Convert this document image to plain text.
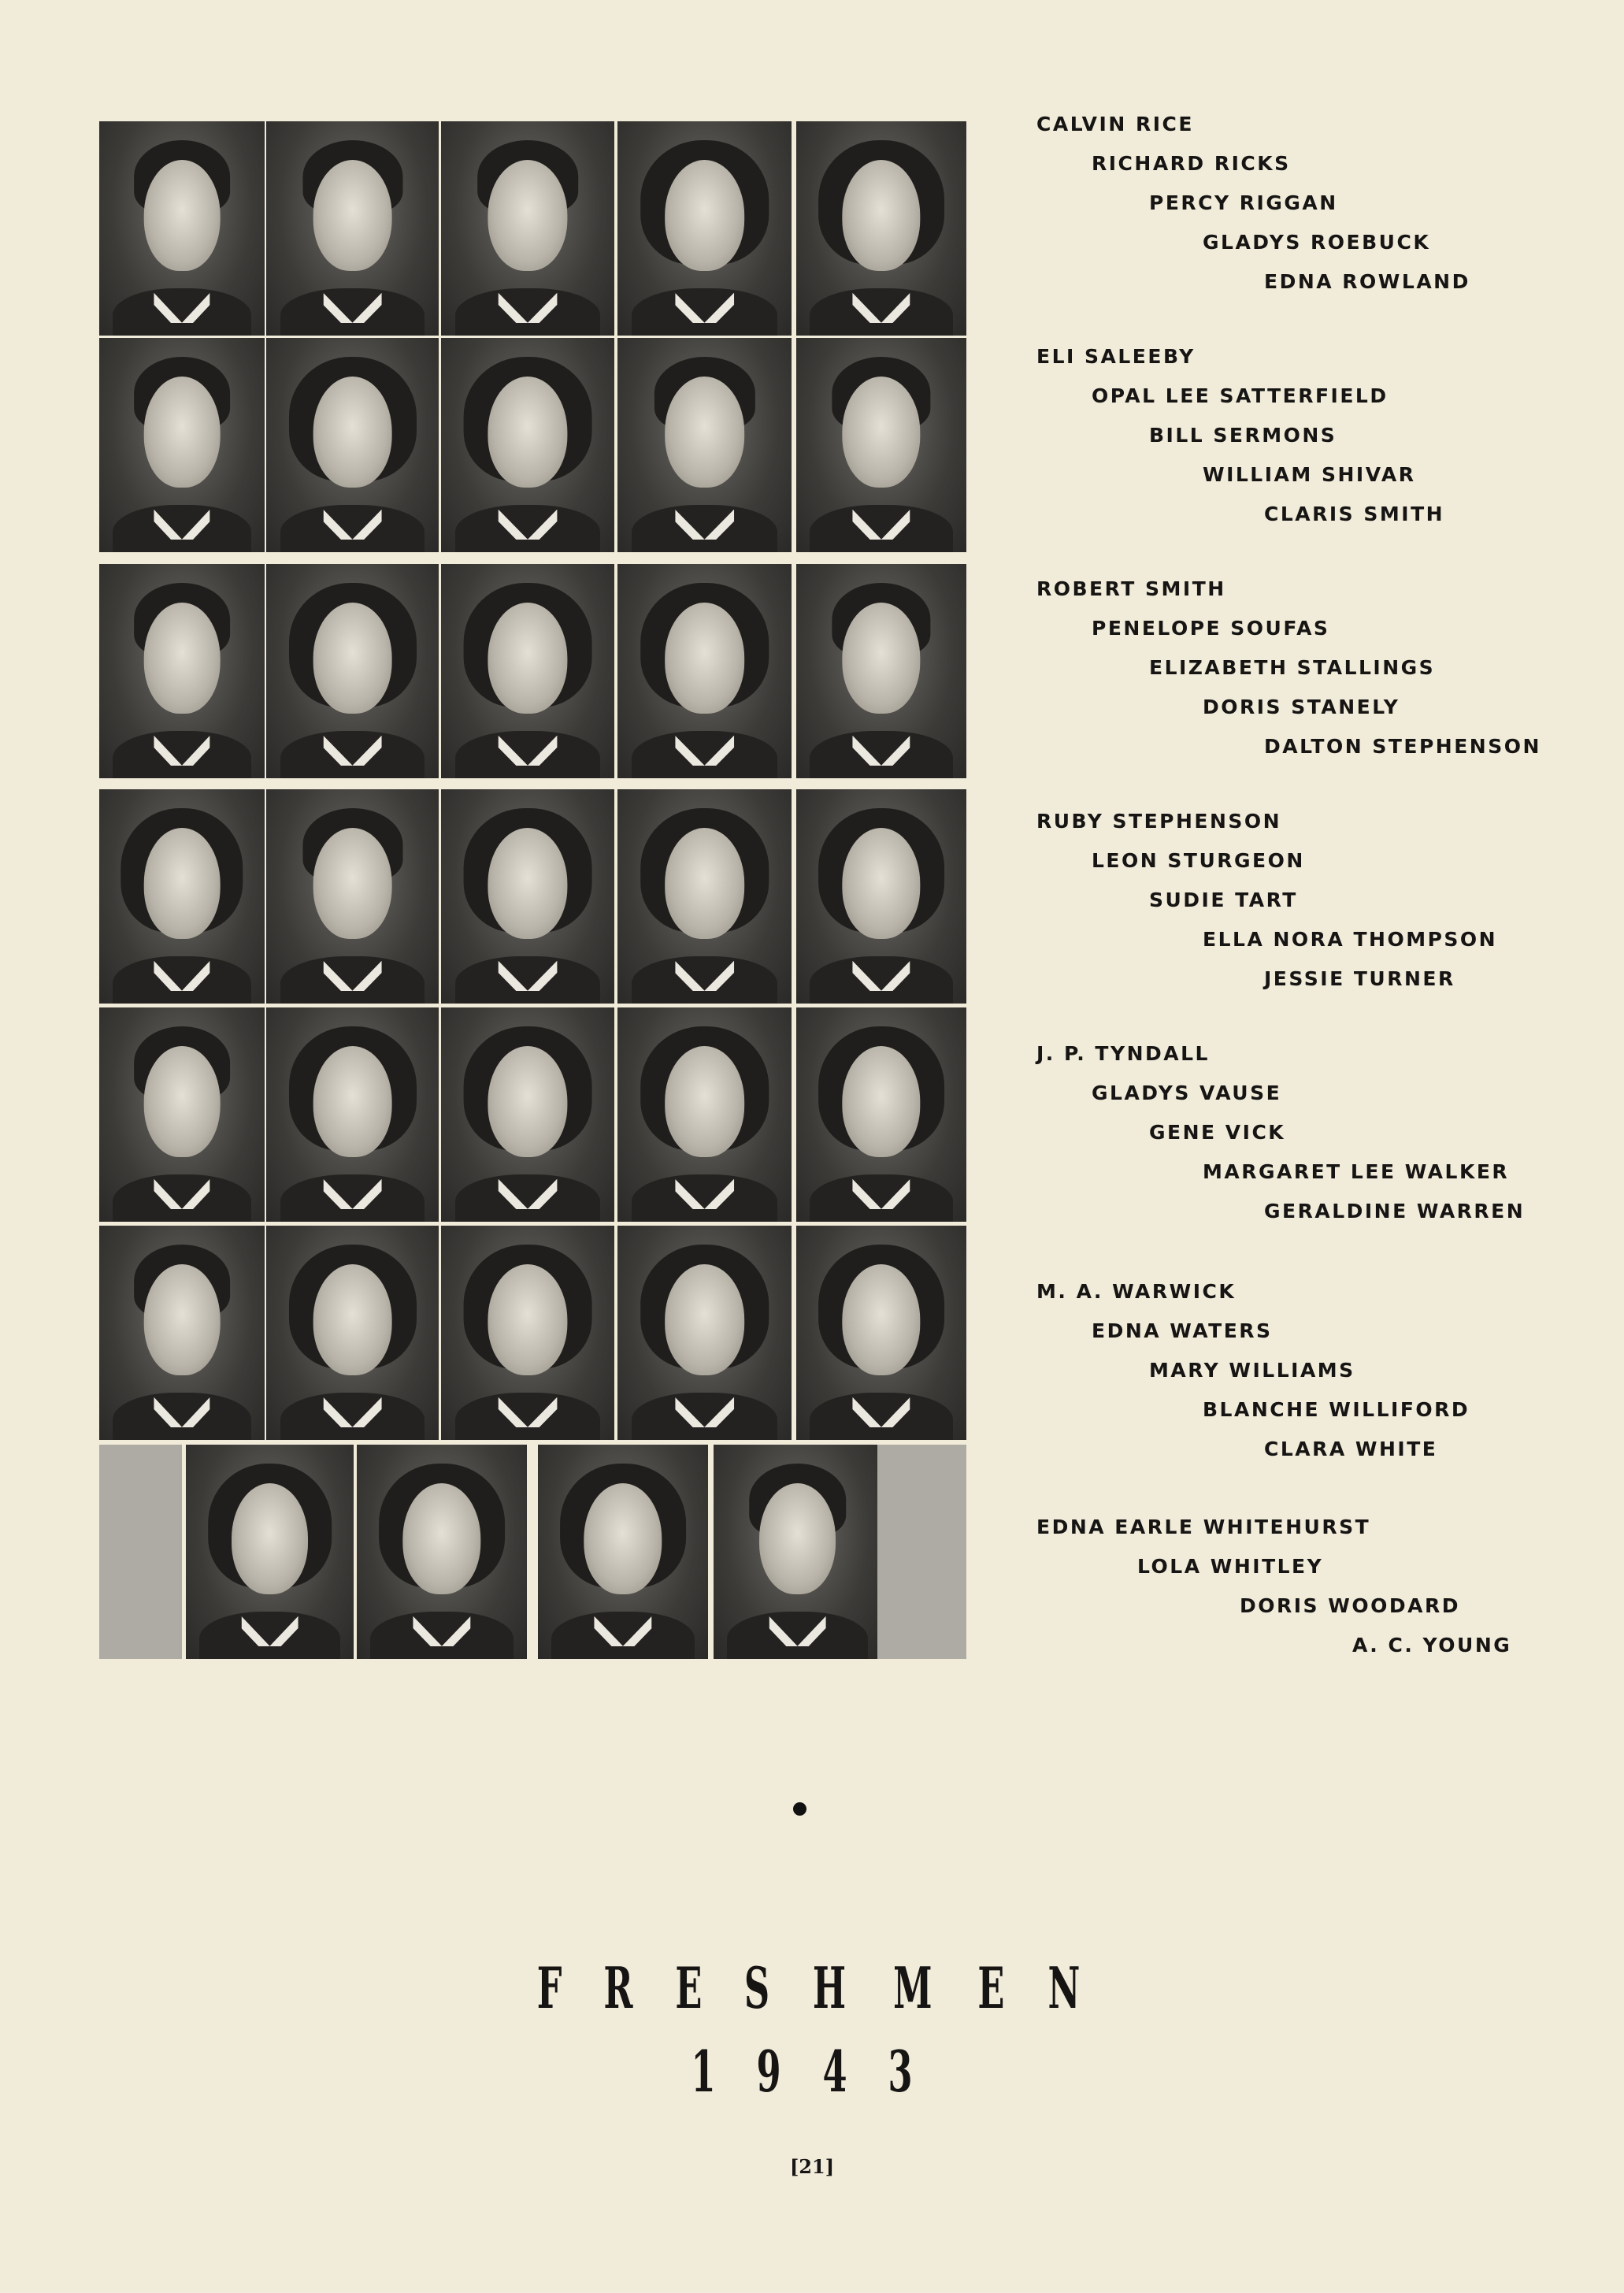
CALVIN RICE
RICHARD RICKS
PERCY RIGGAN
GLADYS ROEBUCK
EDNA ROWLAND
ELI SALEEBY
OPAL LEE SATTERFIELD
BILL SERMONS
WILLIAM SHIVAR
CLARIS SMITH
ROBERT SMITH
PENELOPE SOUFAS
ELIZABETH STALLINGS
DORIS STANELY
DALTON STEPHENSON
RUBY STEPHENSON
LEON STURGEON
SUDIE TART
ELLA NORA THOMPSON
JESSIE TURNER
J. P. TYNDALL
GLADYS VAUSE
GENE VICK
MARGARET LEE WALKER
GERALDINE WARREN
M. A. WARWICK
EDNA WATERS
MARY WILLIAMS
BLANCHE WILLIFORD
CLARA WHITE
EDNA EARLE WHITEHURST
LOLA WHITLEY
DORIS WOODARD
A. C. YOUNG
F R E S H M E N
1 9 4 3
[21]
